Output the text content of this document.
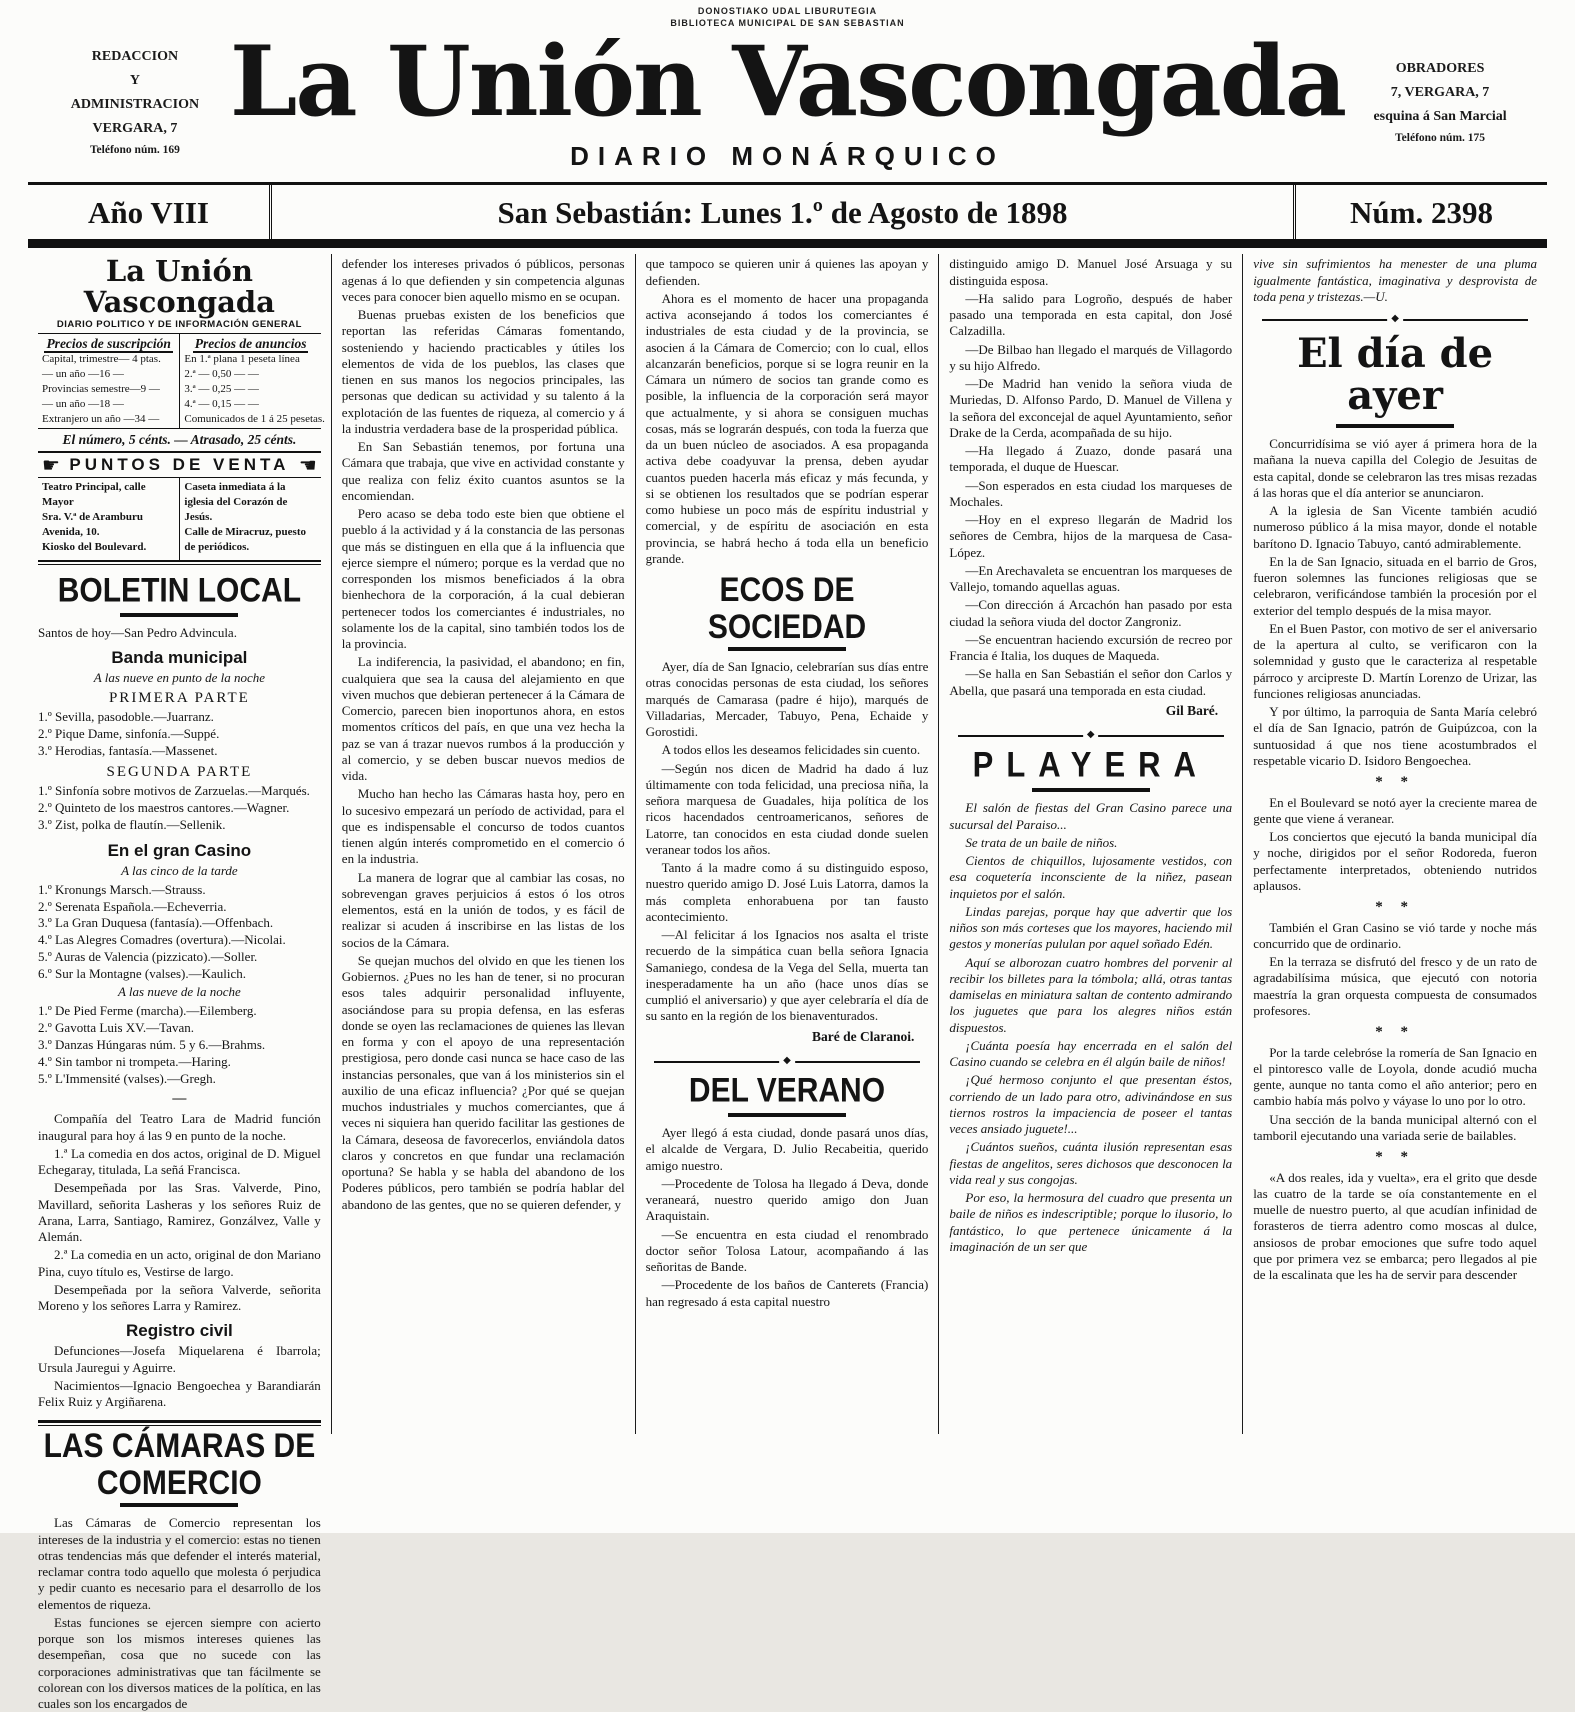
DONOSTIAKO UDAL LIBURUTEGIA
BIBLIOTECA MUNICIPAL DE SAN SEBASTIAN
REDACCION
Y
ADMINISTRACION
VERGARA, 7
Teléfono núm. 169
La Unión Vascongada
DIARIO MONÁRQUICO
OBRADORES
7, VERGARA, 7
esquina á San Marcial
Teléfono núm. 175
Año VIII	San Sebastián: Lunes 1.º de Agosto de 1898	Núm. 2398
La Unión Vascongada
DIARIO POLITICO Y DE INFORMACIÓN GENERAL
Precios de suscripción
Capital, trimestre— 4 ptas.
— un año —16 —
Provincias semestre—9 —
— un año —18 —
Extranjero un año —34 —
Precios de anuncios
En 1.ª plana 1 peseta línea
2.ª — 0,50 — —
3.ª — 0,25 — —
4.ª — 0,15 — —
Comunicados de 1 á 25 pesetas.
El número, 5 cénts. — Atrasado, 25 cénts.
☛ PUNTOS DE VENTA ☚
Teatro Principal, calle Mayor
Sra. V.ª de Aramburu Avenida, 10.
Kiosko del Boulevard.
Caseta inmediata á la iglesia del Corazón de Jesús.
Calle de Miracruz, puesto de periódicos.
BOLETIN LOCAL

Santos de hoy—San Pedro Advincula.

Banda municipal
A las nueve en punto de la noche
PRIMERA PARTE
1.º Sevilla, pasodoble.—Juarranz.
2.º Pique Dame, sinfonía.—Suppé.
3.º Herodias, fantasía.—Massenet.
SEGUNDA PARTE
1.º Sinfonía sobre motivos de Zarzuelas.—Marqués.
2.º Quinteto de los maestros cantores.—Wagner.
3.º Zist, polka de flautín.—Sellenik.
En el gran Casino
A las cinco de la tarde
1.º Kronungs Marsch.—Strauss.
2.º Serenata Española.—Echeverria.
3.º La Gran Duquesa (fantasía).—Offenbach.
4.º Las Alegres Comadres (overtura).—Nicolai.
5.º Auras de Valencia (pizzicato).—Soller.
6.º Sur la Montagne (valses).—Kaulich.
A las nueve de la noche
1.º De Pied Ferme (marcha).—Eilemberg.
2.º Gavotta Luis XV.—Tavan.
3.º Danzas Húngaras núm. 5 y 6.—Brahms.
4.º Sin tambor ni trompeta.—Haring.
5.º L'Immensité (valses).—Gregh.
—

Compañía del Teatro Lara de Madrid función inaugural para hoy á las 9 en punto de la noche.

1.ª La comedia en dos actos, original de D. Miguel Echegaray, titulada, La señá Francisca.

Desempeñada por las Sras. Valverde, Pino, Mavillard, señorita Lasheras y los señores Ruiz de Arana, Larra, Santiago, Ramirez, Gonzálvez, Valle y Alemán.

2.ª La comedia en un acto, original de don Mariano Pina, cuyo título es, Vestirse de largo.

Desempeñada por la señora Valverde, señorita Moreno y los señores Larra y Ramirez.

Registro civil

Defunciones—Josefa Miquelarena é Ibarrola; Ursula Jauregui y Aguirre.

Nacimientos—Ignacio Bengoechea y Barandiarán Felix Ruiz y Argiñarena.

LAS CÁMARAS DE COMERCIO

Las Cámaras de Comercio representan los intereses de la industria y el comercio: estas no tienen otras tendencias más que defender el interés material, reclamar contra todo aquello que molesta ó perjudica y pedir cuanto es necesario para el desarrollo de los elementos de riqueza.

Estas funciones se ejercen siempre con acierto porque son los mismos intereses quienes las desempeñan, cosa que no sucede con las corporaciones administrativas que tan fácilmente se colorean con los diversos matices de la política, en las cuales son los encargados de

defender los intereses privados ó públicos, personas agenas á lo que defienden y sin competencia algunas veces para conocer bien aquello mismo en se ocupan.

Buenas pruebas existen de los beneficios que reportan las referidas Cámaras fomentando, sosteniendo y haciendo practicables y útiles los elementos de vida de los pueblos, las clases que tienen en sus manos los negocios principales, las personas que dedican su actividad y su talento á la explotación de las fuentes de riqueza, al comercio y á la industria verdadera base de la prosperidad pública.

En San Sebastián tenemos, por fortuna una Cámara que trabaja, que vive en actividad constante y que realiza con feliz éxito cuantos asuntos se la encomiendan.

Pero acaso se deba todo este bien que obtiene el pueblo á la actividad y á la constancia de las personas que más se distinguen en ella que á la influencia que ejerce siempre el número; porque es la verdad que no corresponden los mismos beneficiados á la obra bienhechora de la corporación, á la cual debieran pertenecer todos los comerciantes é industriales, no solamente los de la capital, sino también todos los de la provincia.

La indiferencia, la pasividad, el abandono; en fin, cualquiera que sea la causa del alejamiento en que viven muchos que debieran pertenecer á la Cámara de Comercio, parecen bien inoportunos ahora, en estos momentos críticos del país, en que una vez hecha la paz se van á trazar nuevos rumbos á la producción y al comercio, y se deben buscar nuevos medios de vida.

Mucho han hecho las Cámaras hasta hoy, pero en lo sucesivo empezará un período de actividad, para el que es indispensable el concurso de todos cuantos tienen algún interés comprometido en el comercio ó en la industria.

La manera de lograr que al cambiar las cosas, no sobrevengan graves perjuicios á estos ó los otros elementos, está en la unión de todos, y es fácil de realizar si acuden á inscribirse en las listas de los socios de la Cámara.

Se quejan muchos del olvido en que les tienen los Gobiernos. ¿Pues no les han de tener, si no procuran esos tales adquirir personalidad influyente, asociándose para su propia defensa, en las esferas donde se oyen las reclamaciones de quienes las llevan en forma y con el apoyo de una representación prestigiosa, pero donde casi nunca se hace caso de las instancias personales, que van á los ministerios sin el auxilio de una eficaz influencia? ¿Por qué se quejan muchos industriales y muchos comerciantes, que á veces ni siquiera han querido facilitar las gestiones de la Cámara, deseosa de favorecerlos, enviándola datos claros y concretos en que fundar una reclamación oportuna? Se habla y se habla del abandono de los Poderes públicos, pero también se podría hablar del abandono de las gentes, que no se quieren defender, y

que tampoco se quieren unir á quienes las apoyan y defienden.

Ahora es el momento de hacer una propaganda activa aconsejando á todos los comerciantes é industriales de esta ciudad y de la provincia, se asocien á la Cámara de Comercio; con lo cual, ellos alcanzarán beneficios, porque si se logra reunir en la Cámara un número de socios tan grande como es posible, la influencia de la corporación será mayor que actualmente, y si ahora se consiguen muchas cosas, más se lograrán después, con toda la fuerza que da un buen núcleo de asociados. A esa propaganda activa debe coadyuvar la prensa, deben ayudar cuantos pueden hacerla más eficaz y más fecunda, y si se obtienen los resultados que se podrían esperar como hubiese un poco más de espíritu industrial y comercial, y de espíritu de asociación en esta provincia, se habrá hecho á toda ella un beneficio grande.

ECOS DE SOCIEDAD

Ayer, día de San Ignacio, celebrarían sus días entre otras conocidas personas de esta ciudad, los señores marqués de Camarasa (padre é hijo), marqués de Villadarias, Mercader, Tabuyo, Pena, Echaide y Gorostidi.

A todos ellos les deseamos felicidades sin cuento.

—Según nos dicen de Madrid ha dado á luz últimamente con toda felicidad, una preciosa niña, la señora marquesa de Guadales, hija política de los ricos hacendados centroamericanos, señores de Latorre, tan conocidos en esta ciudad donde suelen veranear todos los años.

Tanto á la madre como á su distinguido esposo, nuestro querido amigo D. José Luis Latorra, damos la más completa enhorabuena por tan fausto acontecimiento.

—Al felicitar á los Ignacios nos asalta el triste recuerdo de la simpática cuan bella señora Ignacia Samaniego, condesa de la Vega del Sella, muerta tan inesperadamente ha un año (hace unos días se cumplió el aniversario) y que ayer celebraría el día de su santo en la región de los bienaventurados.

Baré de Claranoi.
◆
DEL VERANO

Ayer llegó á esta ciudad, donde pasará unos días, el alcalde de Vergara, D. Julio Recabeitia, querido amigo nuestro.

—Procedente de Tolosa ha llegado á Deva, donde veraneará, nuestro querido amigo don Juan Araquistain.

—Se encuentra en esta ciudad el renombrado doctor señor Tolosa Latour, acompañando á las señoritas de Bande.

—Procedente de los baños de Canterets (Francia) han regresado á esta capital nuestro

distinguido amigo D. Manuel José Arsuaga y su distinguida esposa.

—Ha salido para Logroño, después de haber pasado una temporada en esta capital, don José Calzadilla.

—De Bilbao han llegado el marqués de Villagordo y su hijo Alfredo.

—De Madrid han venido la señora viuda de Muriedas, D. Alfonso Pardo, D. Manuel de Villena y la señora del exconcejal de aquel Ayuntamiento, señor Drake de la Cerda, acompañada de su hijo.

—Ha llegado á Zuazo, donde pasará una temporada, el duque de Huescar.

—Son esperados en esta ciudad los marqueses de Mochales.

—Hoy en el expreso llegarán de Madrid los señores de Cembra, hijos de la marquesa de Casa-López.

—En Arechavaleta se encuentran los marqueses de Vallejo, tomando aquellas aguas.

—Con dirección á Arcachón han pasado por esta ciudad la señora viuda del doctor Zangroniz.

—Se encuentran haciendo excursión de recreo por Francia é Italia, los duques de Maqueda.

—Se halla en San Sebastián el señor don Carlos y Abella, que pasará una temporada en esta ciudad.

Gil Baré.
◆
PLAYERA

El salón de fiestas del Gran Casino parece una sucursal del Paraiso...

Se trata de un baile de niños.

Cientos de chiquillos, lujosamente vestidos, con esa coquetería inconsciente de la niñez, pasean inquietos por el salón.

Lindas parejas, porque hay que advertir que los niños son más corteses que los mayores, haciendo mil gestos y monerías pululan por aquel soñado Edén.

Aquí se alborozan cuatro hombres del porvenir al recibir los billetes para la tómbola; allá, otras tantas damiselas en miniatura saltan de contento admirando los juguetes que para los alegres niños están dispuestos.

¡Cuánta poesía hay encerrada en el salón del Casino cuando se celebra en él algún baile de niños!

¡Qué hermoso conjunto el que presentan éstos, corriendo de un lado para otro, adivinándose en sus tiernos rostros la impaciencia de poseer el tantas veces ansiado juguete!...

¡Cuántos sueños, cuánta ilusión representan esas fiestas de angelitos, seres dichosos que desconocen la vida real y sus congojas.

Por eso, la hermosura del cuadro que presenta un baile de niños es indescriptible; porque lo ilusorio, lo fantástico, lo que pertenece únicamente á la imaginación de un ser que

vive sin sufrimientos ha menester de una pluma igualmente fantástica, imaginativa y desprovista de toda pena y tristezas.—U.

◆
El día de ayer

Concurridísima se vió ayer á primera hora de la mañana la nueva capilla del Colegio de Jesuitas de esta capital, donde se celebraron las tres misas rezadas á las horas que el día anterior se anunciaron.

A la iglesia de San Vicente también acudió numeroso público á la misa mayor, donde el notable barítono D. Ignacio Tabuyo, cantó admirablemente.

En la de San Ignacio, situada en el barrio de Gros, fueron solemnes las funciones religiosas que se celebraron, verificándose también la procesión por el exterior del templo después de la misa mayor.

En el Buen Pastor, con motivo de ser el aniversario de la apertura al culto, se verificaron con la solemnidad y gusto que le caracteriza al respetable párroco y arcipreste D. Martín Lorenzo de Urizar, las funciones religiosas anunciadas.

Y por último, la parroquia de Santa María celebró el día de San Ignacio, patrón de Guipúzcoa, con la suntuosidad á que nos tiene acostumbrados el respetable vicario D. Isidoro Bengoechea.

* *

En el Boulevard se notó ayer la creciente marea de gente que viene á veranear.

Los conciertos que ejecutó la banda municipal día y noche, dirigidos por el señor Rodoreda, fueron perfectamente interpretados, obteniendo nutridos aplausos.

* *

También el Gran Casino se vió tarde y noche más concurrido que de ordinario.

En la terraza se disfrutó del fresco y de un rato de agradabilísima música, que ejecutó con notoria maestría la gran orquesta compuesta de consumados profesores.

* *

Por la tarde celebróse la romería de San Ignacio en el pintoresco valle de Loyola, donde acudió mucha gente, aunque no tanta como el año anterior; pero en cambio había más polvo y váyase lo uno por lo otro.

Una sección de la banda municipal alternó con el tamboril ejecutando una variada serie de bailables.

* *

«A dos reales, ida y vuelta», era el grito que desde las cuatro de la tarde se oía constantemente en el muelle de nuestro puerto, al que acudían infinidad de forasteros de tierra adentro como moscas al dulce, ansiosos de probar emociones que sufre todo aquel que por primera vez se embarca; pero llegados al pie de la escalinata que les ha de servir para descender
